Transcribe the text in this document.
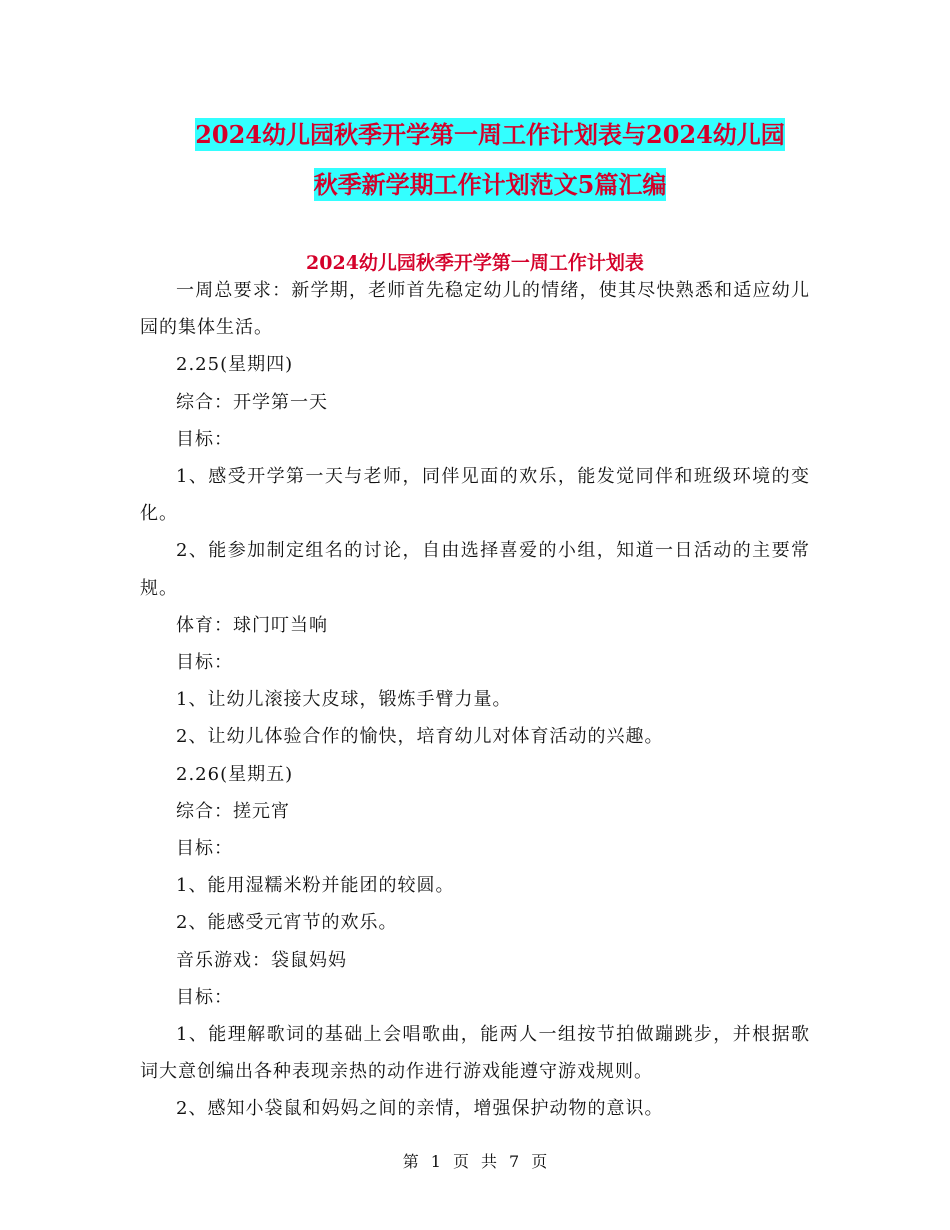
2024幼儿园秋季开学第一周工作计划表与2024幼儿园
秋季新学期工作计划范文5篇汇编
2024幼儿园秋季开学第一周工作计划表

一周总要求：新学期，老师首先稳定幼儿的情绪，使其尽快熟悉和适应幼儿园的集体生活。

2.25(星期四)

综合：开学第一天

目标：

1、感受开学第一天与老师，同伴见面的欢乐，能发觉同伴和班级环境的变化。

2、能参加制定组名的讨论，自由选择喜爱的小组，知道一日活动的主要常规。

体育：球门叮当响

目标：

1、让幼儿滚接大皮球，锻炼手臂力量。

2、让幼儿体验合作的愉快，培育幼儿对体育活动的兴趣。

2.26(星期五)

综合：搓元宵

目标：

1、能用湿糯米粉并能团的较圆。

2、能感受元宵节的欢乐。

音乐游戏：袋鼠妈妈

目标：

1、能理解歌词的基础上会唱歌曲，能两人一组按节拍做蹦跳步，并根据歌词大意创编出各种表现亲热的动作进行游戏能遵守游戏规则。

2、感知小袋鼠和妈妈之间的亲情，增强保护动物的意识。

第 1 页 共 7 页
